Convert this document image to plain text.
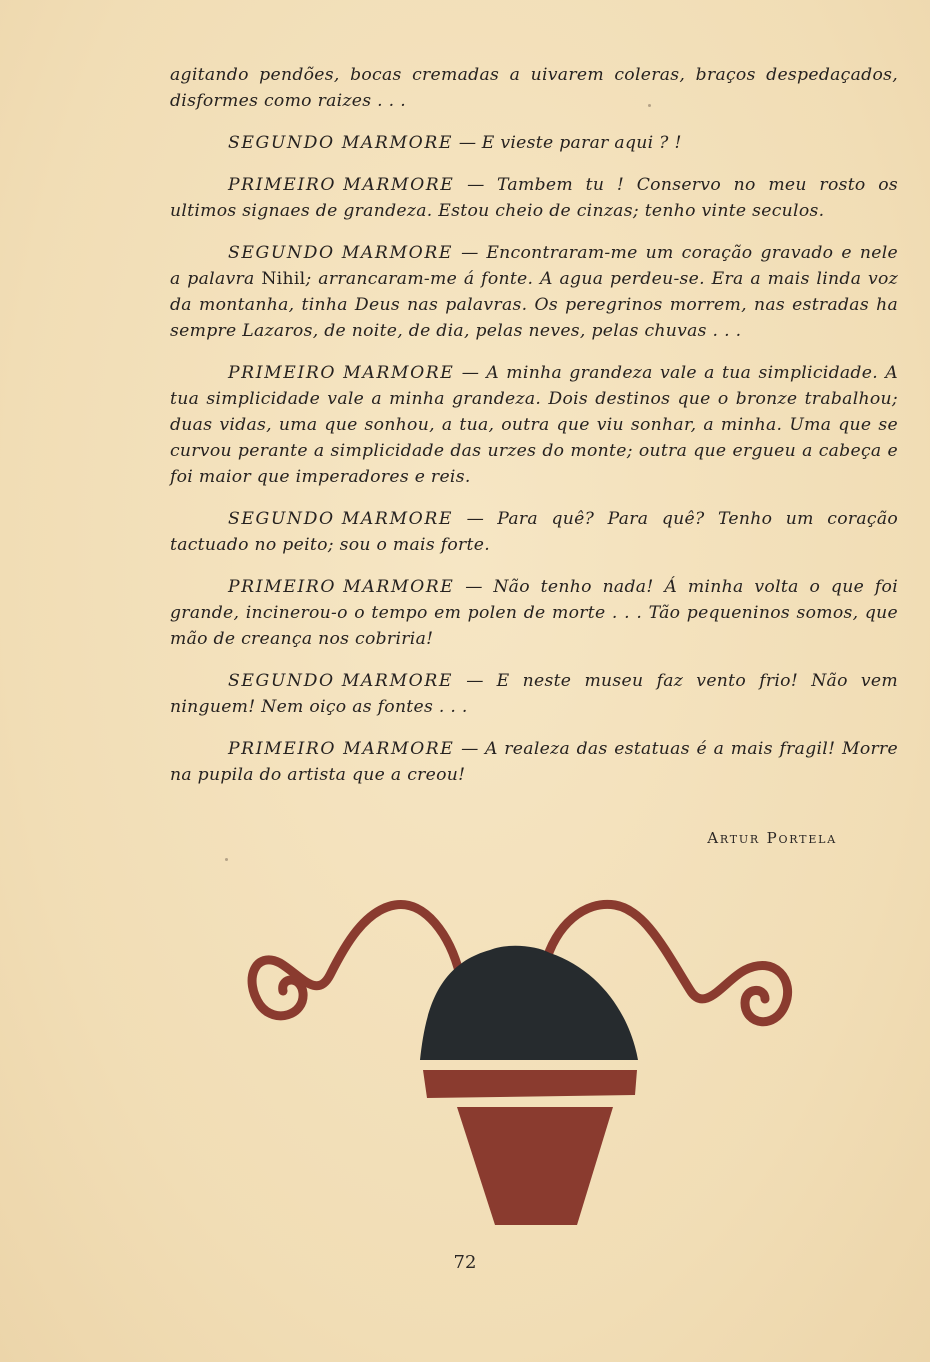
agitando pendões, bocas cremadas a uivarem coleras, braços despedaçados, disformes como raizes . . .

SEGUNDO MARMORE — E vieste parar aqui ? !

PRIMEIRO MARMORE — Tambem tu ! Conservo no meu rosto os ultimos signaes de grandeza. Estou cheio de cinzas; tenho vinte seculos.

SEGUNDO MARMORE — Encontraram-me um coração gravado e nele a palavra Nihil; arrancaram-me á fonte. A agua perdeu-se. Era a mais linda voz da montanha, tinha Deus nas palavras. Os peregrinos morrem, nas estradas ha sempre Lazaros, de noite, de dia, pelas neves, pelas chuvas . . .

PRIMEIRO MARMORE — A minha grandeza vale a tua simplicidade. A tua simplicidade vale a minha grandeza. Dois destinos que o bronze trabalhou; duas vidas, uma que sonhou, a tua, outra que viu sonhar, a minha. Uma que se curvou perante a simplicidade das urzes do monte; outra que ergueu a cabeça e foi maior que imperadores e reis.

SEGUNDO MARMORE — Para quê? Para quê? Tenho um coração tactuado no peito; sou o mais forte.

PRIMEIRO MARMORE — Não tenho nada! Á minha volta o que foi grande, incinerou-o o tempo em polen de morte . . . Tão pequeninos somos, que mão de creança nos cobriria!

SEGUNDO MARMORE — E neste museu faz vento frio! Não vem ninguem! Nem oiço as fontes . . .

PRIMEIRO MARMORE — A realeza das estatuas é a mais fragil! Morre na pupila do artista que a creou!

Artur Portela
72
